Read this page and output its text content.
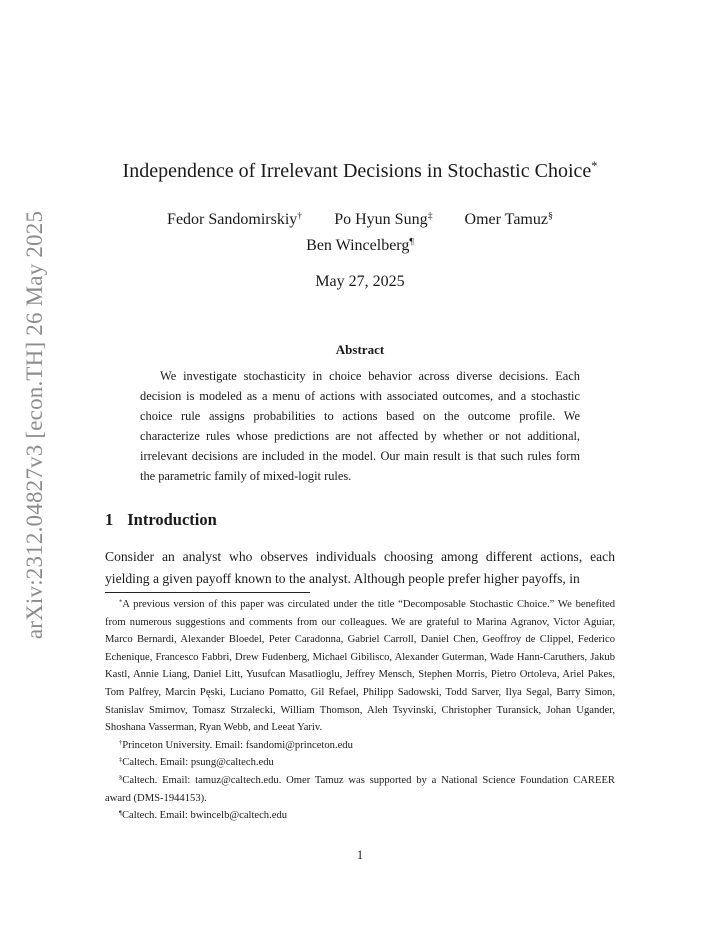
arXiv:2312.04827v3 [econ.TH] 26 May 2025
Independence of Irrelevant Decisions in Stochastic Choice*
Fedor Sandomirskiy† Po Hyun Sung‡ Omer Tamuz§
Ben Wincelberg¶
May 27, 2025
Abstract

We investigate stochasticity in choice behavior across diverse decisions. Each decision is modeled as a menu of actions with associated outcomes, and a stochastic choice rule assigns probabilities to actions based on the outcome profile. We characterize rules whose predictions are not affected by whether or not additional, irrelevant decisions are included in the model. Our main result is that such rules form the parametric family of mixed-logit rules.

1 Introduction

Consider an analyst who observes individuals choosing among different actions, each yielding a given payoff known to the analyst. Although people prefer higher payoffs, in

*A previous version of this paper was circulated under the title “Decomposable Stochastic Choice.” We benefited from numerous suggestions and comments from our colleagues. We are grateful to Marina Agranov, Victor Aguiar, Marco Bernardi, Alexander Bloedel, Peter Caradonna, Gabriel Carroll, Daniel Chen, Geoffroy de Clippel, Federico Echenique, Francesco Fabbri, Drew Fudenberg, Michael Gibilisco, Alexander Guterman, Wade Hann-Caruthers, Jakub Kastl, Annie Liang, Daniel Litt, Yusufcan Masatlioglu, Jeffrey Mensch, Stephen Morris, Pietro Ortoleva, Ariel Pakes, Tom Palfrey, Marcin Pęski, Luciano Pomatto, Gil Refael, Philipp Sadowski, Todd Sarver, Ilya Segal, Barry Simon, Stanislav Smirnov, Tomasz Strzalecki, William Thomson, Aleh Tsyvinski, Christopher Turansick, Johan Ugander, Shoshana Vasserman, Ryan Webb, and Leeat Yariv.

†Princeton University. Email: fsandomi@princeton.edu

‡Caltech. Email: psung@caltech.edu

§Caltech. Email: tamuz@caltech.edu. Omer Tamuz was supported by a National Science Foundation CAREER award (DMS-1944153).

¶Caltech. Email: bwincelb@caltech.edu

1
